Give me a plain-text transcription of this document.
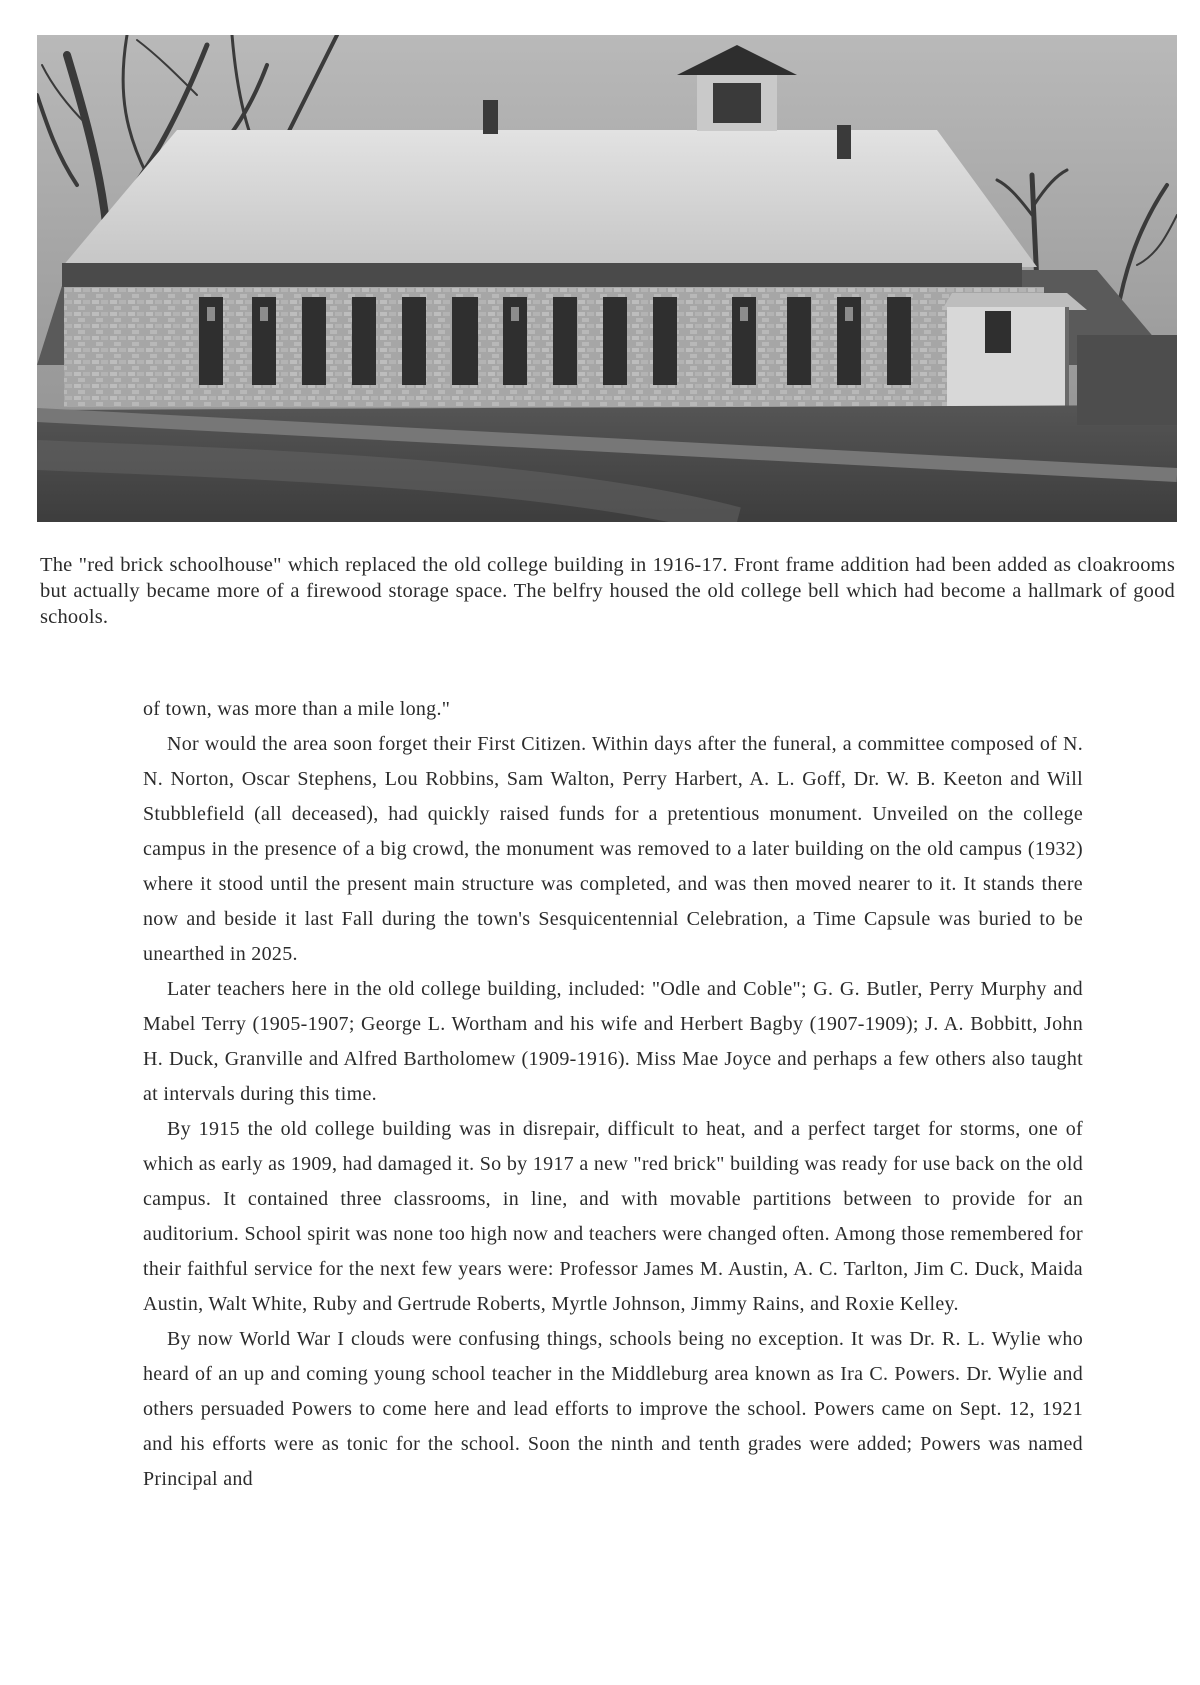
The "red brick schoolhouse" which replaced the old college building in 1916-17. Front frame addition had been added as cloakrooms but actually became more of a firewood storage space. The belfry housed the old college bell which had become a hallmark of good schools.

of town, was more than a mile long."

Nor would the area soon forget their First Citizen. Within days after the funeral, a committee composed of N. N. Norton, Oscar Stephens, Lou Robbins, Sam Walton, Perry Harbert, A. L. Goff, Dr. W. B. Keeton and Will Stubblefield (all deceased), had quickly raised funds for a pretentious monument. Unveiled on the college campus in the presence of a big crowd, the monument was removed to a later building on the old campus (1932) where it stood until the present main structure was completed, and was then moved nearer to it. It stands there now and beside it last Fall during the town's Sesquicentennial Celebration, a Time Capsule was buried to be unearthed in 2025.

Later teachers here in the old college building, included: "Odle and Coble"; G. G. Butler, Perry Murphy and Mabel Terry (1905-1907; George L. Wortham and his wife and Herbert Bagby (1907-1909); J. A. Bobbitt, John H. Duck, Granville and Alfred Bartholomew (1909-1916). Miss Mae Joyce and perhaps a few others also taught at intervals during this time.

By 1915 the old college building was in disrepair, difficult to heat, and a perfect target for storms, one of which as early as 1909, had damaged it. So by 1917 a new "red brick" building was ready for use back on the old campus. It contained three classrooms, in line, and with movable partitions between to provide for an auditorium. School spirit was none too high now and teachers were changed often. Among those remembered for their faithful service for the next few years were: Professor James M. Austin, A. C. Tarlton, Jim C. Duck, Maida Austin, Walt White, Ruby and Gertrude Roberts, Myrtle Johnson, Jimmy Rains, and Roxie Kelley.

By now World War I clouds were confusing things, schools being no exception. It was Dr. R. L. Wylie who heard of an up and coming young school teacher in the Middleburg area known as Ira C. Powers. Dr. Wylie and others persuaded Powers to come here and lead efforts to improve the school. Powers came on Sept. 12, 1921 and his efforts were as tonic for the school. Soon the ninth and tenth grades were added; Powers was named Principal and
